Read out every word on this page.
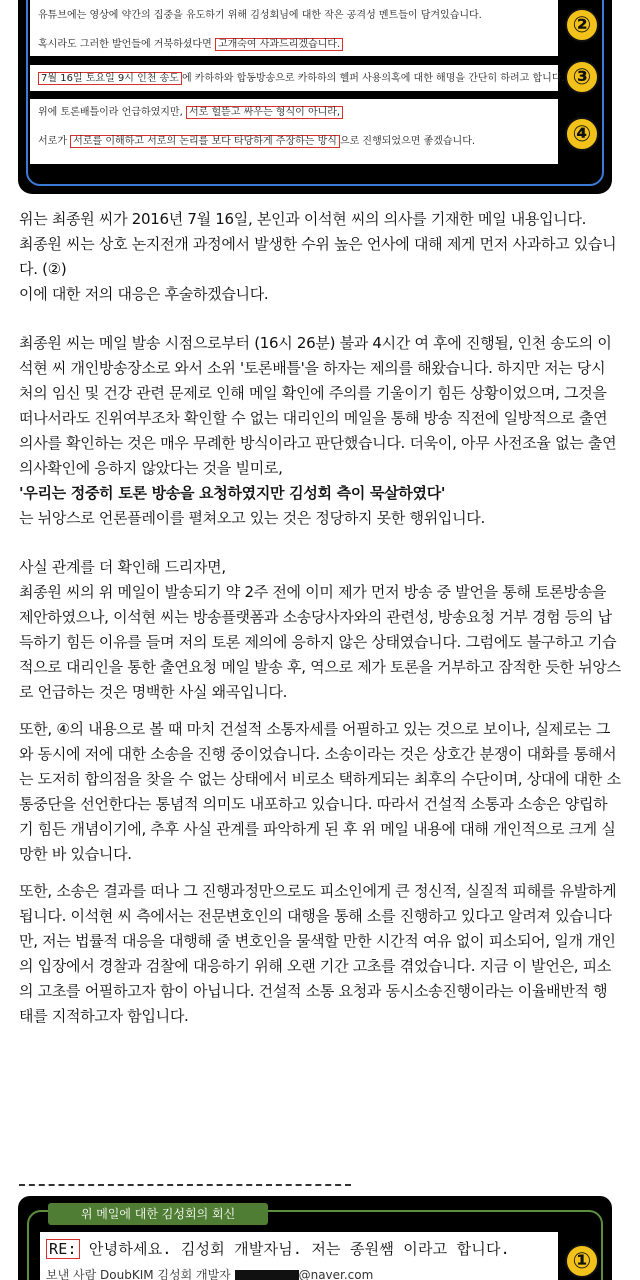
유튜브에는 영상에 약간의 집중을 유도하기 위해 김성회님에 대한 작은 공격성 멘트들이 담겨있습니다.

혹시라도 그러한 발언들에 거북하셨다면 고개숙여 사과드리겠습니다.

7월 16일 토요일 9시 인천 송도 에 카하하와 합동방송으로 카하하의 헬퍼 사용의혹에 대한 해명을 간단히 하려고 합니다.

위에 토론배틀이라 언급하였지만, 서로 헐뜯고 싸우는 형식이 아니라,

서로가 서로를 이해하고 서로의 논리를 보다 타당하게 주장하는 방식 으로 진행되었으면 좋겠습니다.

②
③
④

위는 최종원 씨가 2016년 7월 16일, 본인과 이석현 씨의 의사를 기재한 메일 내용입니다.

최종원 씨는 상호 논지전개 과정에서 발생한 수위 높은 언사에 대해 제게 먼저 사과하고 있습니다. (②)

이에 대한 저의 대응은 후술하겠습니다.

최종원 씨는 메일 발송 시점으로부터 (16시 26분) 불과 4시간 여 후에 진행될, 인천 송도의 이석현 씨 개인방송장소로 와서 소위 '토론배틀'을 하자는 제의를 해왔습니다. 하지만 저는 당시 처의 임신 및 건강 관련 문제로 인해 메일 확인에 주의를 기울이기 힘든 상황이었으며, 그것을 떠나서라도 진위여부조차 확인할 수 없는 대리인의 메일을 통해 방송 직전에 일방적으로 출연의사를 확인하는 것은 매우 무례한 방식이라고 판단했습니다. 더욱이, 아무 사전조율 없는 출연의사확인에 응하지 않았다는 것을 빌미로,

'우리는 정중히 토론 방송을 요청하였지만 김성회 측이 묵살하였다'

는 뉘앙스로 언론플레이를 펼쳐오고 있는 것은 정당하지 못한 행위입니다.

사실 관계를 더 확인해 드리자면,

최종원 씨의 위 메일이 발송되기 약 2주 전에 이미 제가 먼저 방송 중 발언을 통해 토론방송을 제안하였으나, 이석현 씨는 방송플랫폼과 소송당사자와의 관련성, 방송요청 거부 경험 등의 납득하기 힘든 이유를 들며 저의 토론 제의에 응하지 않은 상태였습니다. 그럼에도 불구하고 기습적으로 대리인을 통한 출연요청 메일 발송 후, 역으로 제가 토론을 거부하고 잠적한 듯한 뉘앙스로 언급하는 것은 명백한 사실 왜곡입니다.

또한, ④의 내용으로 볼 때 마치 건설적 소통자세를 어필하고 있는 것으로 보이나, 실제로는 그와 동시에 저에 대한 소송을 진행 중이었습니다. 소송이라는 것은 상호간 분쟁이 대화를 통해서는 도저히 합의점을 찾을 수 없는 상태에서 비로소 택하게되는 최후의 수단이며, 상대에 대한 소통중단을 선언한다는 통념적 의미도 내포하고 있습니다. 따라서 건설적 소통과 소송은 양립하기 힘든 개념이기에, 추후 사실 관계를 파악하게 된 후 위 메일 내용에 대해 개인적으로 크게 실망한 바 있습니다.

또한, 소송은 결과를 떠나 그 진행과정만으로도 피소인에게 큰 정신적, 실질적 피해를 유발하게 됩니다. 이석현 씨 측에서는 전문변호인의 대행을 통해 소를 진행하고 있다고 알려져 있습니다만, 저는 법률적 대응을 대행해 줄 변호인을 물색할 만한 시간적 여유 없이 피소되어, 일개 개인의 입장에서 경찰과 검찰에 대응하기 위해 오랜 기간 고초를 겪었습니다. 지금 이 발언은, 피소의 고초를 어필하고자 함이 아닙니다. 건설적 소통 요청과 동시소송진행이라는 이율배반적 행태를 지적하고자 함입니다.

위 메일에 대한 김성회의 회신
RE: 안녕하세요. 김성회 개발자님. 저는 종원쌤 이라고 합니다.
보낸 사람 DoubKIM 김성회 개발자	@naver.com
①
